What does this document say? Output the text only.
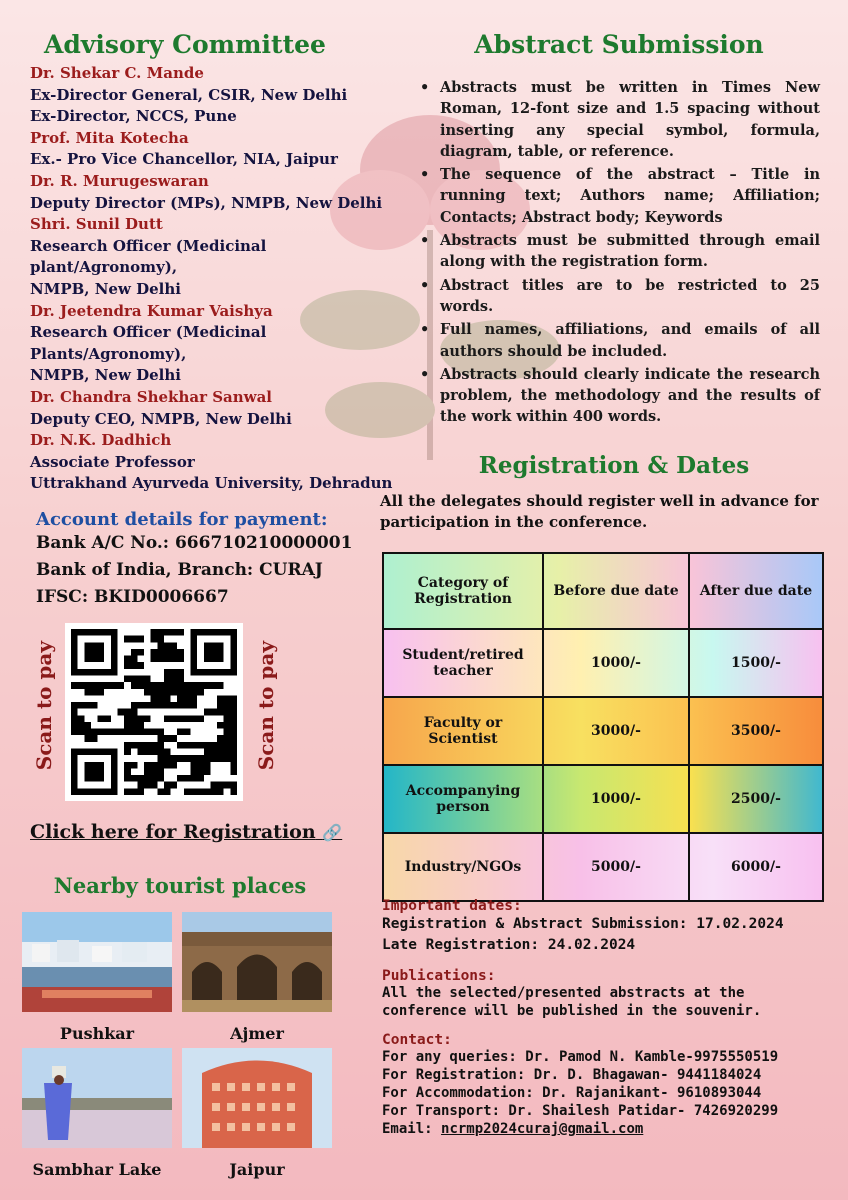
Advisory Committee
Dr. Shekar C. Mande
Ex-Director General, CSIR, New Delhi
Ex-Director, NCCS, Pune
Prof. Mita Kotecha
Ex.- Pro Vice Chancellor, NIA, Jaipur
Dr. R. Murugeswaran
Deputy Director (MPs), NMPB, New Delhi
Shri. Sunil Dutt
Research Officer (Medicinal plant/Agronomy),
NMPB, New Delhi
Dr. Jeetendra Kumar Vaishya
Research Officer (Medicinal Plants/Agronomy),
NMPB, New Delhi
Dr. Chandra Shekhar Sanwal
Deputy CEO, NMPB, New Delhi
Dr. N.K. Dadhich
Associate Professor
Uttrakhand Ayurveda University, Dehradun
Account details for payment:
Bank A/C No.: 666710210000001
Bank of India, Branch: CURAJ
IFSC: BKID0006667
Scan to pay	Scan to pay
Click here for Registration 🔗
Nearby tourist places
Pushkar	Ajmer
Sambhar Lake	Jaipur
Abstract Submission
• Abstracts must be written in Times New Roman, 12-font size and 1.5 spacing without inserting any special symbol, formula, diagram, table, or reference.
• The sequence of the abstract – Title in running text; Authors name; Affiliation; Contacts; Abstract body; Keywords
• Abstracts must be submitted through email along with the registration form.
• Abstract titles are to be restricted to 25 words.
• Full names, affiliations, and emails of all authors should be included.
• Abstracts should clearly indicate the research problem, the methodology and the results of the work within 400 words.
Registration & Dates
All the delegates should register well in advance for participation in the conference.
Category of Registration	Before due date	After due date
Student/retired teacher	1000/-	1500/-
Faculty or Scientist	3000/-	3500/-
Accompanying person	1000/-	2500/-
Industry/NGOs	5000/-	6000/-
Important dates:
Registration & Abstract Submission: 17.02.2024
Late Registration: 24.02.2024
Publications:
All the selected/presented abstracts at the conference will be published in the souvenir.
Contact:
For any queries: Dr. Pamod N. Kamble-9975550519
For Registration: Dr. D. Bhagawan- 9441184024
For Accommodation: Dr. Rajanikant- 9610893044
For Transport: Dr. Shailesh Patidar- 7426920299
Email: ncrmp2024curaj@gmail.com
